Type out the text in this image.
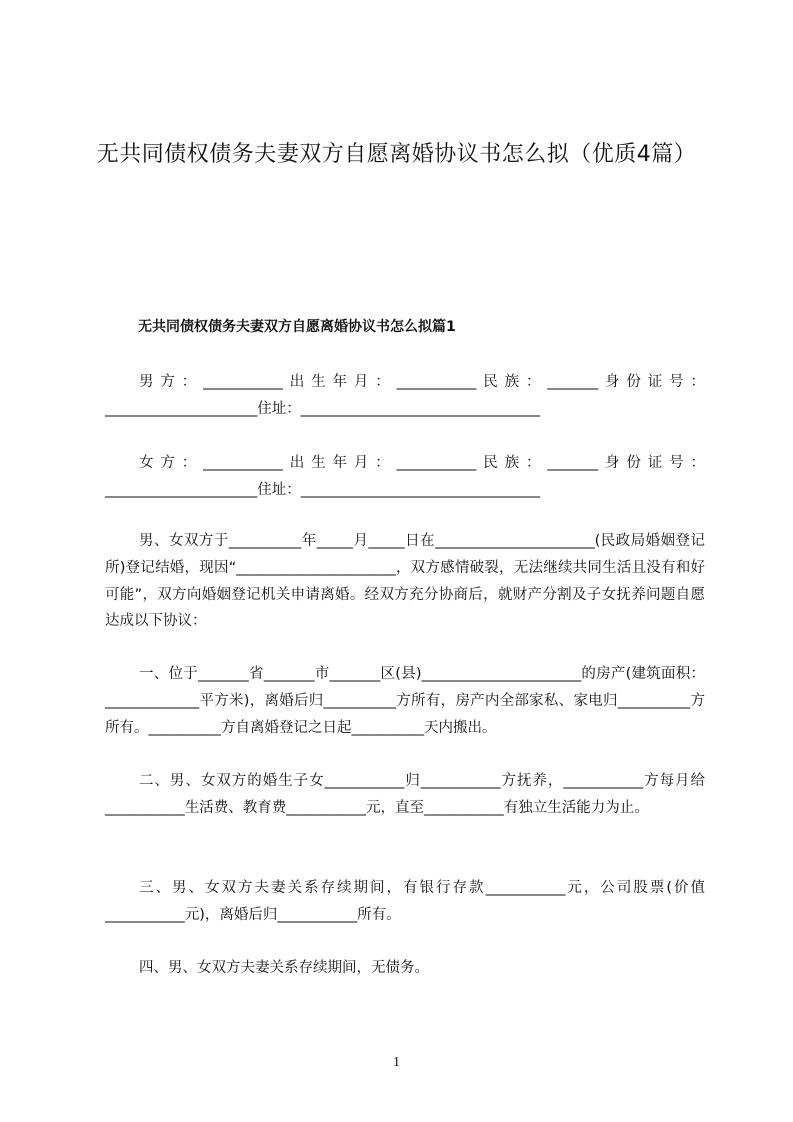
无共同债权债务夫妻双方自愿离婚协议书怎么拟（优质4篇）
无共同债权债务夫妻双方自愿离婚协议书怎么拟篇1
男方：___________出生年月：___________民族：_______身份证号：_____________________住址：_________________________________
女方：___________出生年月：___________民族：_______身份证号：_____________________住址：_________________________________
男、女双方于__________年_____月_____日在______________________(民政局婚姻登记所)登记结婚，现因“______________________，双方感情破裂，无法继续共同生活且没有和好可能”，双方向婚姻登记机关申请离婚。经双方充分协商后，就财产分割及子女抚养问题自愿达成以下协议：
一、位于_______省_______市_______区(县)______________________的房产(建筑面积：_____________平方米)，离婚后归__________方所有，房产内全部家私、家电归__________方所有。__________方自离婚登记之日起__________天内搬出。
二、男、女双方的婚生子女___________归___________方抚养，___________方每月给___________生活费、教育费___________元，直至___________有独立生活能力为止。
三、男、女双方夫妻关系存续期间，有银行存款___________元，公司股票(价值___________元)，离婚后归___________所有。
四、男、女双方夫妻关系存续期间，无债务。
1
